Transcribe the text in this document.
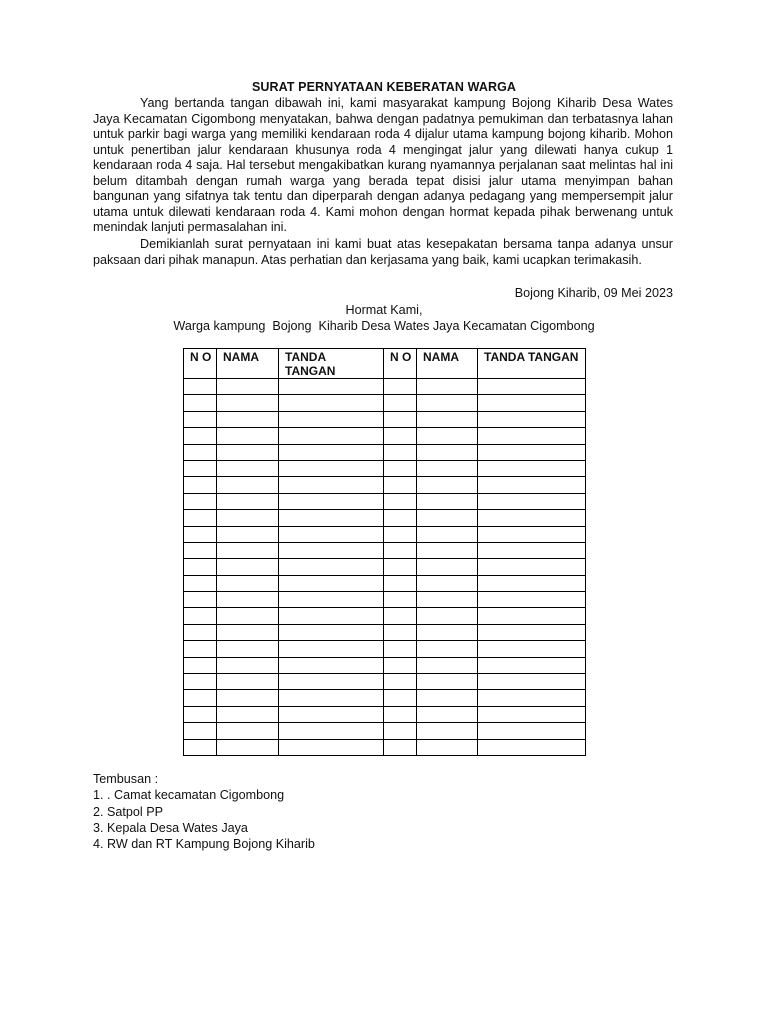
SURAT PERNYATAAN KEBERATAN WARGA

Yang bertanda tangan dibawah ini, kami masyarakat kampung Bojong Kiharib Desa Wates Jaya Kecamatan Cigombong menyatakan, bahwa dengan padatnya pemukiman dan terbatasnya lahan untuk parkir bagi warga yang memiliki kendaraan roda 4 dijalur utama kampung bojong kiharib. Mohon untuk penertiban jalur kendaraan khusunya roda 4 mengingat jalur yang dilewati hanya cukup 1 kendaraan roda 4 saja. Hal tersebut mengakibatkan kurang nyamannya perjalanan saat melintas hal ini belum ditambah dengan rumah warga yang berada tepat disisi jalur utama menyimpan bahan bangunan yang sifatnya tak tentu dan diperparah dengan adanya pedagang yang mempersempit jalur utama untuk dilewati kendaraan roda 4. Kami mohon dengan hormat kepada pihak berwenang untuk menindak lanjuti permasalahan ini.

Demikianlah surat pernyataan ini kami buat atas kesepakatan bersama tanpa adanya unsur paksaan dari pihak manapun. Atas perhatian dan kerjasama yang baik, kami ucapkan terimakasih.

Bojong Kiharib, 09 Mei 2023
Hormat Kami,
Warga kampung  Bojong  Kiharib Desa Wates Jaya Kecamatan Cigombong
N O	NAMA	TANDA TANGAN	N O	NAMA	TANDA TANGAN

Tembusan :
1. . Camat kecamatan Cigombong
2. Satpol PP
3. Kepala Desa Wates Jaya
4. RW dan RT Kampung Bojong Kiharib
